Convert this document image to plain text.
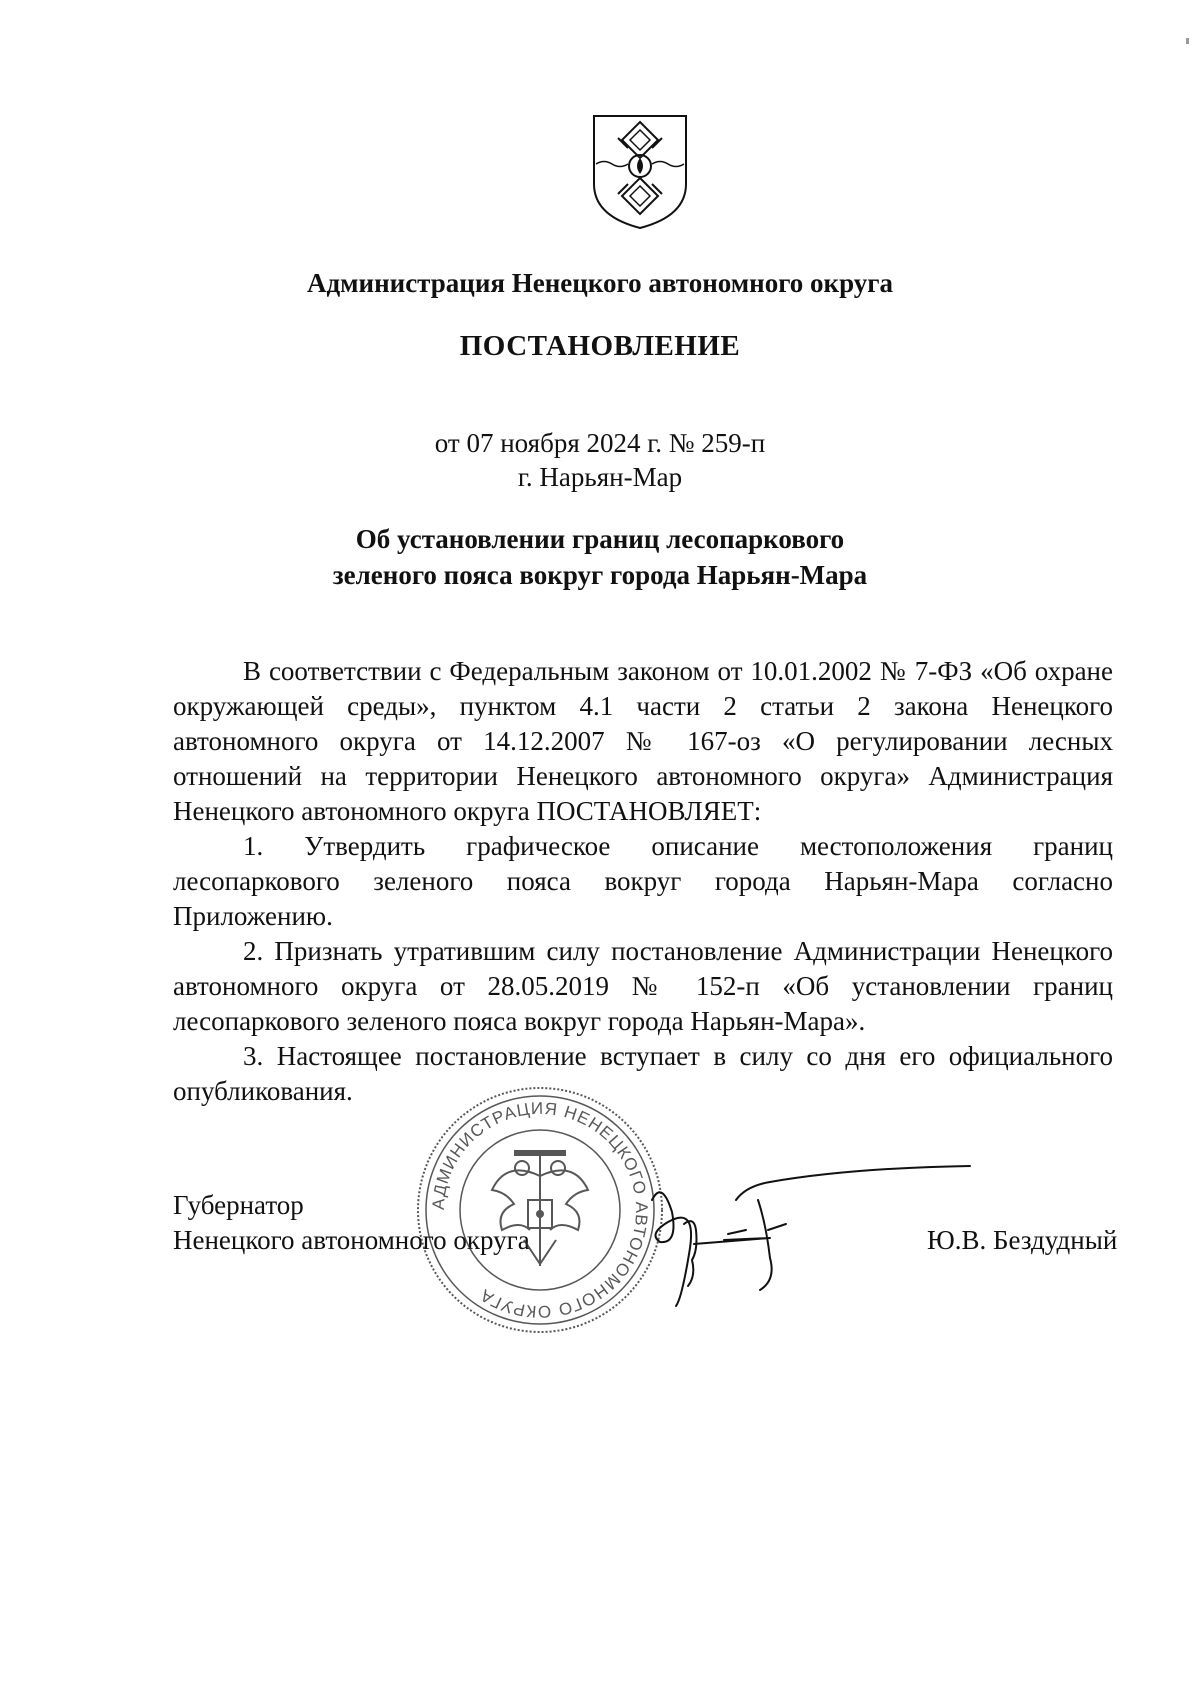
Администрация Ненецкого автономного округа
ПОСТАНОВЛЕНИЕ
от 07 ноября 2024 г. № 259-п
г. Нарьян-Мар
Об установлении границ лесопаркового
зеленого пояса вокруг города Нарьян-Мара

В соответствии с Федеральным законом от 10.01.2002 № 7-ФЗ «Об охране окружающей среды», пунктом 4.1 части 2 статьи 2 закона Ненецкого автономного округа от 14.12.2007 № 167-оз «О регулировании лесных отношений на территории Ненецкого автономного округа» Администрация Ненецкого автономного округа ПОСТАНОВЛЯЕТ:

1. Утвердить графическое описание местоположения границ лесопаркового зеленого пояса вокруг города Нарьян-Мара согласно Приложению.

2. Признать утратившим силу постановление Администрации Ненецкого автономного округа от 28.05.2019 № 152-п «Об установлении границ лесопаркового зеленого пояса вокруг города Нарьян-Мара».

3. Настоящее постановление вступает в силу со дня его официального опубликования.

Губернатор
Ненецкого автономного округа	Ю.В. Бездудный
АДМИНИСТРАЦИЯ НЕНЕЦКОГО АВТОНОМНОГО ОКРУГА
